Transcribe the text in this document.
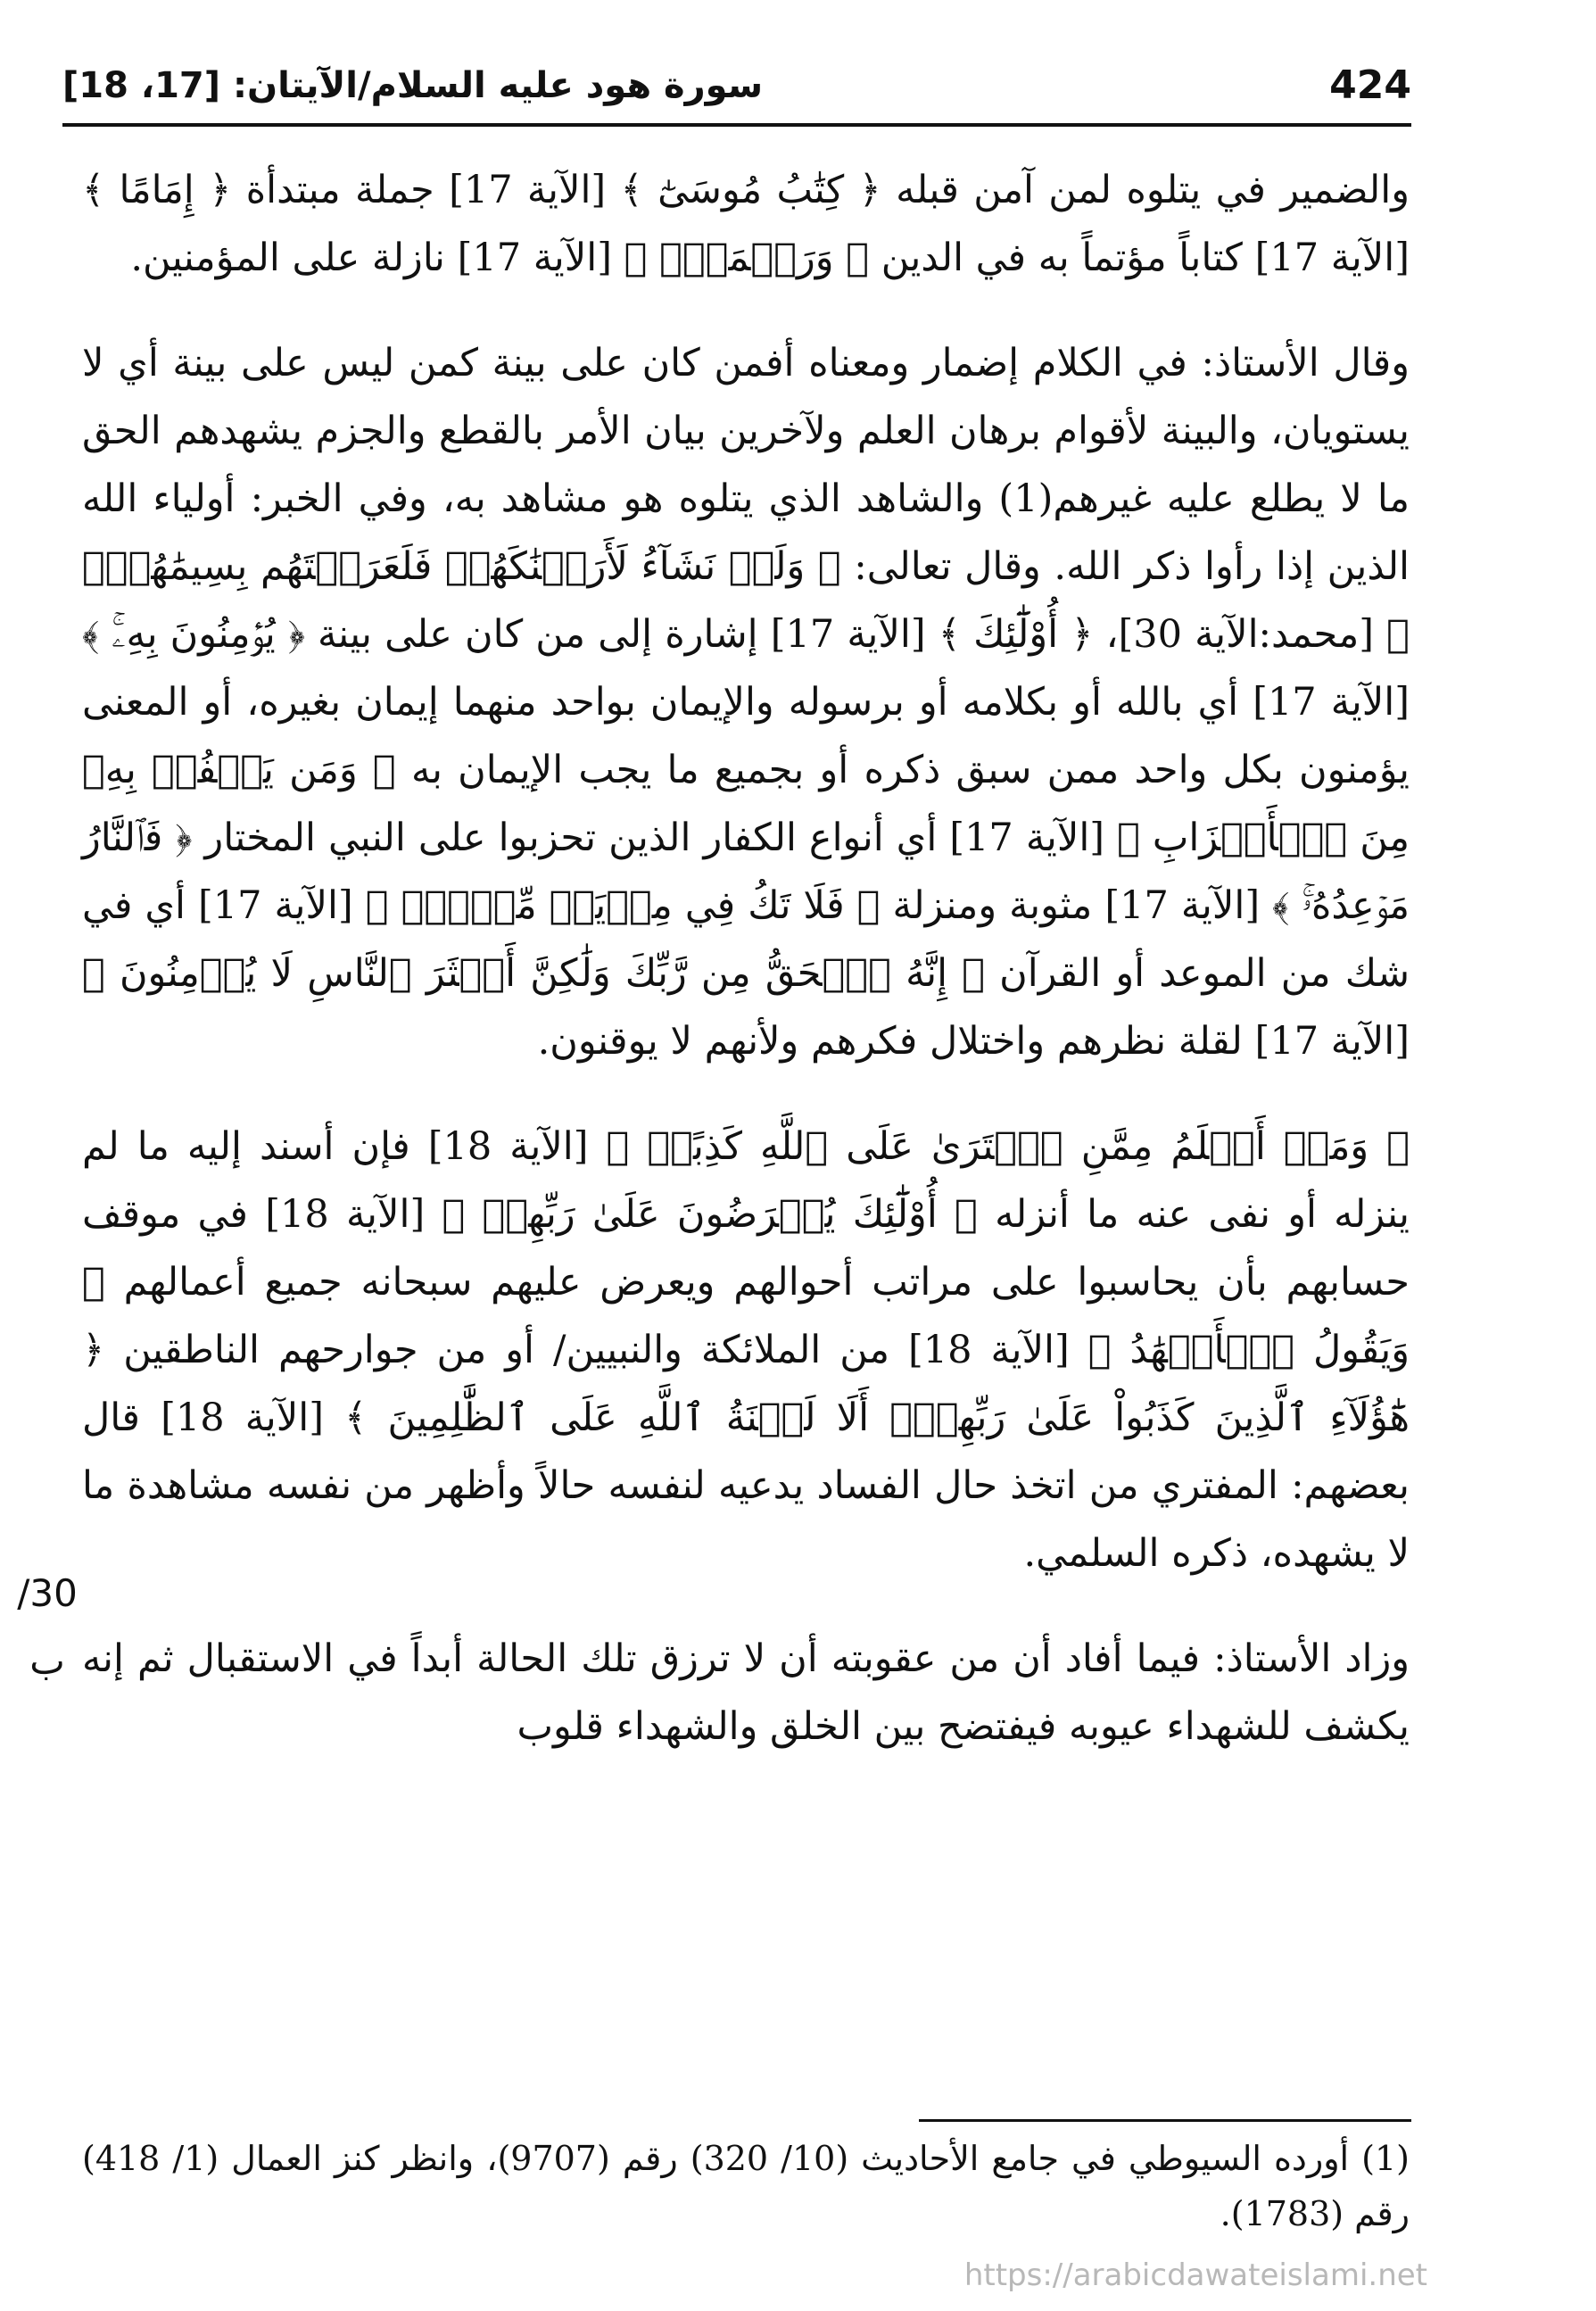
424
سورة هود عليه السلام/الآيتان: [17، 18]

والضمير في يتلوه لمن آمن قبله ﴿ كِتَٰبُ مُوسَىٰٓ ﴾ [الآية 17] جملة مبتدأة ﴿ إِمَامًا ﴾ [الآية 17] كتاباً مؤتماً به في الدين ﴿ وَرَحۡمَةًۚ ﴾ [الآية 17] نازلة على المؤمنين.

وقال الأستاذ: في الكلام إضمار ومعناه أفمن كان على بينة كمن ليس على بينة أي لا يستويان، والبينة لأقوام برهان العلم ولآخرين بيان الأمر بالقطع والجزم يشهدهم الحق ما لا يطلع عليه غيرهم(1) والشاهد الذي يتلوه هو مشاهد به، وفي الخبر: أولياء الله الذين إذا رأوا ذكر الله. وقال تعالى: ﴿ وَلَوۡ نَشَآءُ لَأَرَيۡنَٰكَهُمۡ فَلَعَرَفۡتَهُم بِسِيمَٰهُمۡۚ ﴾ [محمد:الآية 30]، ﴿ أُوْلَٰٓئِكَ ﴾ [الآية 17] إشارة إلى من كان على بينة ﴿ يُؤۡمِنُونَ بِهِۦۚ ﴾ [الآية 17] أي بالله أو بكلامه أو برسوله والإيمان بواحد منهما إيمان بغيره، أو المعنى يؤمنون بكل واحد ممن سبق ذكره أو بجميع ما يجب الإيمان به ﴿ وَمَن يَكۡفُرۡ بِهِۦ مِنَ ٱلۡأَحۡزَابِ ﴾ [الآية 17] أي أنواع الكفار الذين تحزبوا على النبي المختار ﴿ فَٱلنَّارُ مَوۡعِدُهُۥۚ ﴾ [الآية 17] مثوبة ومنزلة ﴿ فَلَا تَكُ فِي مِرۡيَةٖ مِّنۡهُۚ ﴾ [الآية 17] أي في شك من الموعد أو القرآن ﴿ إِنَّهُ ٱلۡحَقُّ مِن رَّبِّكَ وَلَٰكِنَّ أَكۡثَرَ ٱلنَّاسِ لَا يُؤۡمِنُونَ ﴾ [الآية 17] لقلة نظرهم واختلال فكرهم ولأنهم لا يوقنون.

﴿ وَمَنۡ أَظۡلَمُ مِمَّنِ ٱفۡتَرَىٰ عَلَى ٱللَّهِ كَذِبًاۚ ﴾ [الآية 18] فإن أسند إليه ما لم ينزله أو نفى عنه ما أنزله ﴿ أُوْلَٰٓئِكَ يُعۡرَضُونَ عَلَىٰ رَبِّهِمۡ ﴾ [الآية 18] في موقف حسابهم بأن يحاسبوا على مراتب أحوالهم ويعرض عليهم سبحانه جميع أعمالهم ﴿ وَيَقُولُ ٱلۡأَشۡهَٰدُ ﴾ [الآية 18] من الملائكة والنبيين/ أو من جوارحهم الناطقين ﴿ هَٰٓؤُلَآءِ ٱلَّذِينَ كَذَبُواْ عَلَىٰ رَبِّهِمۡۚ أَلَا لَعۡنَةُ ٱللَّهِ عَلَى ٱلظَّٰلِمِينَ ﴾ [الآية 18] قال بعضهم: المفتري من اتخذ حال الفساد يدعيه لنفسه حالاً وأظهر من نفسه مشاهدة ما لا يشهده، ذكره السلمي.

وزاد الأستاذ: فيما أفاد أن من عقوبته أن لا ترزق تلك الحالة أبداً في الاستقبال ثم إنه يكشف للشهداء عيوبه فيفتضح بين الخلق والشهداء قلوب

30/ب

(1) أورده السيوطي في جامع الأحاديث (10/ 320) رقم (9707)، وانظر كنز العمال (1/ 418) رقم (1783).

https://arabicdawateislami.net
